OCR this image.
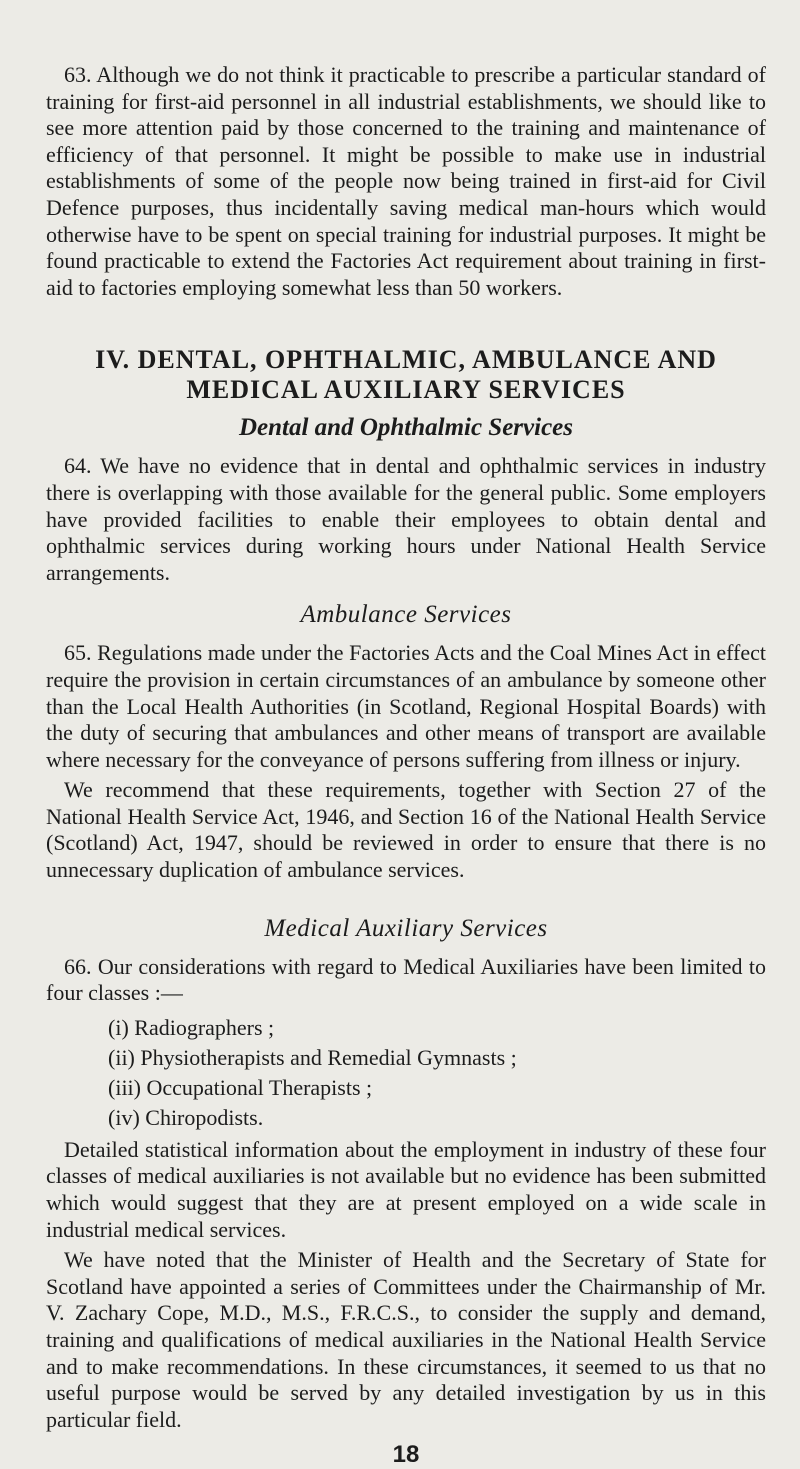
63. Although we do not think it practicable to prescribe a particular standard of training for first-aid personnel in all industrial establishments, we should like to see more attention paid by those concerned to the training and maintenance of efficiency of that personnel. It might be possible to make use in industrial establishments of some of the people now being trained in first-aid for Civil Defence purposes, thus incidentally saving medical man-hours which would otherwise have to be spent on special training for industrial purposes. It might be found practicable to extend the Factories Act requirement about training in first-aid to factories employing somewhat less than 50 workers.

IV. DENTAL, OPHTHALMIC, AMBULANCE AND MEDICAL AUXILIARY SERVICES
Dental and Ophthalmic Services

64. We have no evidence that in dental and ophthalmic services in industry there is overlapping with those available for the general public. Some employers have provided facilities to enable their employees to obtain dental and ophthalmic services during working hours under National Health Service arrangements.

Ambulance Services

65. Regulations made under the Factories Acts and the Coal Mines Act in effect require the provision in certain circumstances of an ambulance by someone other than the Local Health Authorities (in Scotland, Regional Hospital Boards) with the duty of securing that ambulances and other means of transport are available where necessary for the conveyance of persons suffering from illness or injury.

We recommend that these requirements, together with Section 27 of the National Health Service Act, 1946, and Section 16 of the National Health Service (Scotland) Act, 1947, should be reviewed in order to ensure that there is no unnecessary duplication of ambulance services.

Medical Auxiliary Services

66. Our considerations with regard to Medical Auxiliaries have been limited to four classes :—

(i) Radiographers ;
(ii) Physiotherapists and Remedial Gymnasts ;
(iii) Occupational Therapists ;
(iv) Chiropodists.

Detailed statistical information about the employment in industry of these four classes of medical auxiliaries is not available but no evidence has been submitted which would suggest that they are at present employed on a wide scale in industrial medical services.

We have noted that the Minister of Health and the Secretary of State for Scotland have appointed a series of Committees under the Chairmanship of Mr. V. Zachary Cope, M.D., M.S., F.R.C.S., to consider the supply and demand, training and qualifications of medical auxiliaries in the National Health Service and to make recommendations. In these circumstances, it seemed to us that no useful purpose would be served by any detailed investigation by us in this particular field.

18
